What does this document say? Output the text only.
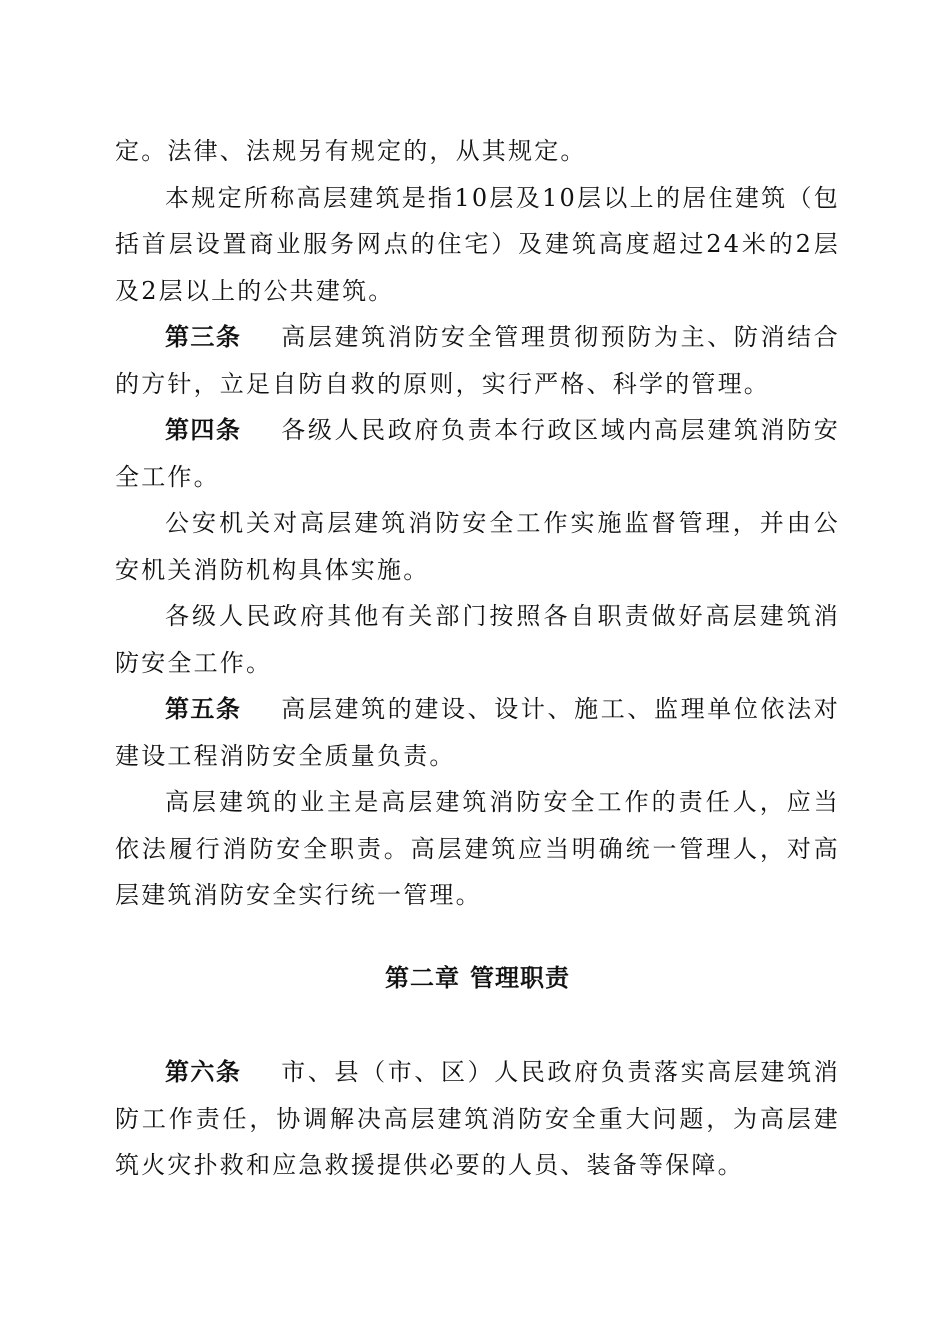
定。法律、法规另有规定的，从其规定。

本规定所称高层建筑是指10层及10层以上的居住建筑（包括首层设置商业服务网点的住宅）及建筑高度超过24米的2层及2层以上的公共建筑。

第三条 高层建筑消防安全管理贯彻预防为主、防消结合的方针，立足自防自救的原则，实行严格、科学的管理。

第四条 各级人民政府负责本行政区域内高层建筑消防安全工作。

公安机关对高层建筑消防安全工作实施监督管理，并由公安机关消防机构具体实施。

各级人民政府其他有关部门按照各自职责做好高层建筑消防安全工作。

第五条 高层建筑的建设、设计、施工、监理单位依法对建设工程消防安全质量负责。

高层建筑的业主是高层建筑消防安全工作的责任人，应当依法履行消防安全职责。高层建筑应当明确统一管理人，对高层建筑消防安全实行统一管理。

第二章 管理职责

第六条 市、县（市、区）人民政府负责落实高层建筑消防工作责任，协调解决高层建筑消防安全重大问题，为高层建筑火灾扑救和应急救援提供必要的人员、装备等保障。
